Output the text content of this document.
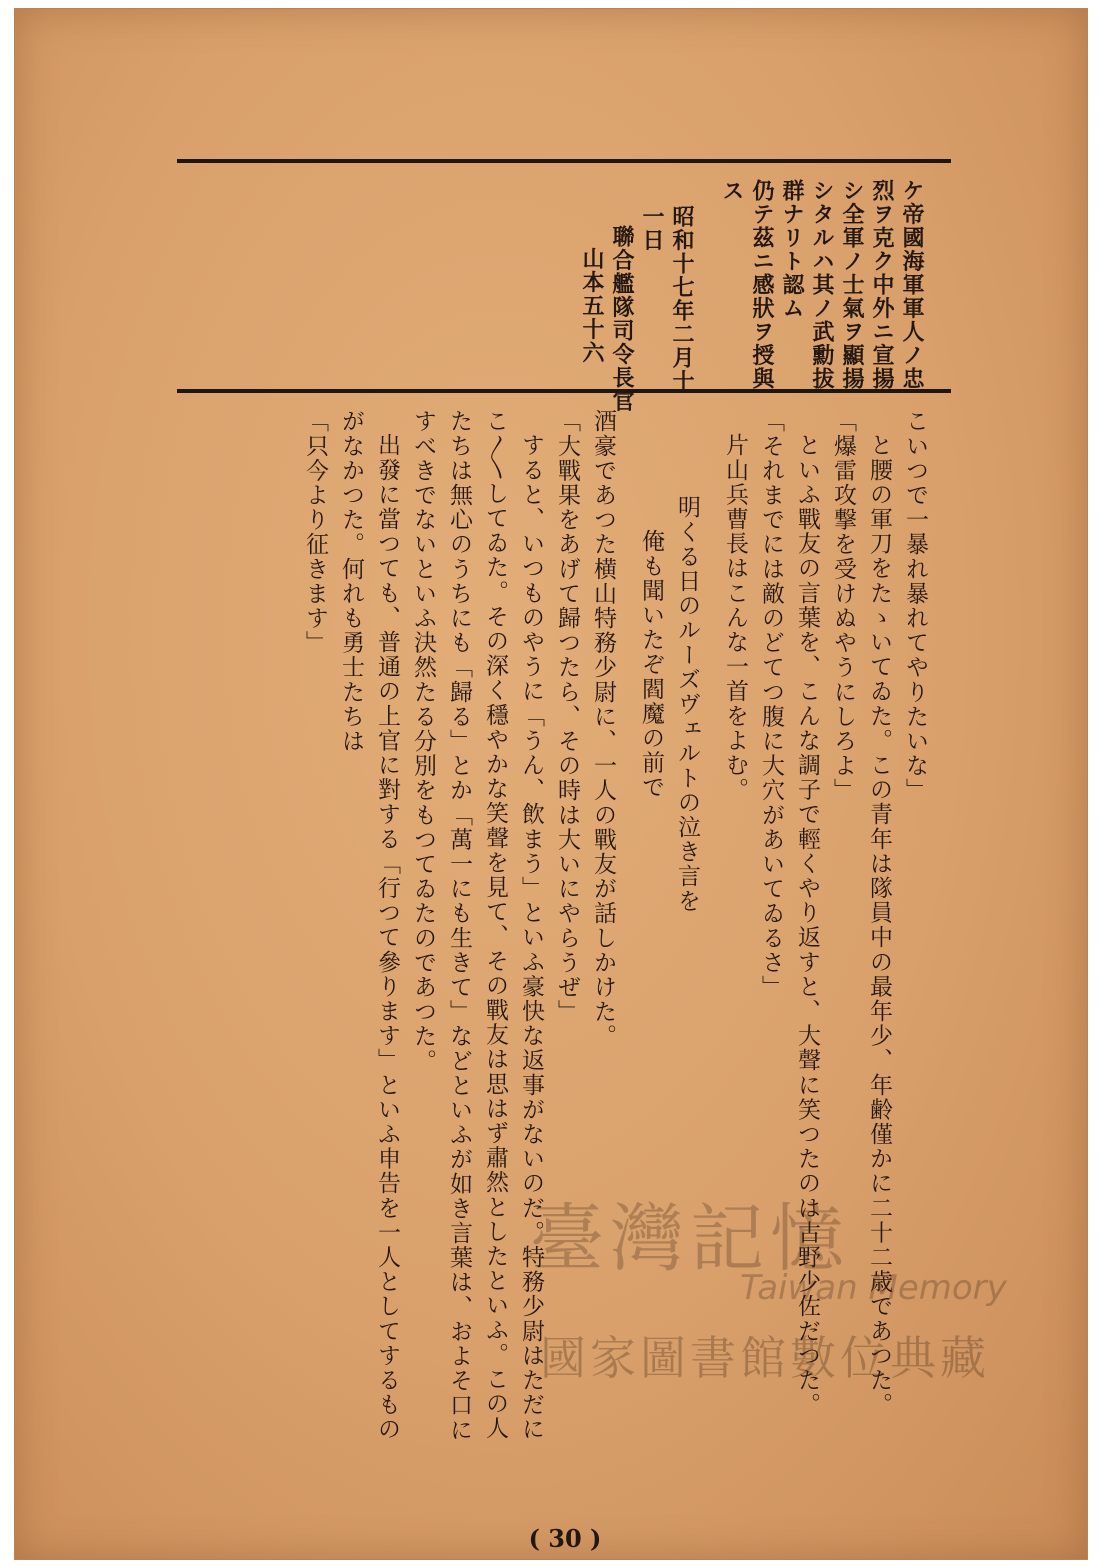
ケ帝國海軍軍人ノ忠
烈ヲ克ク中外ニ宣揚
シ全軍ノ士氣ヲ顯揚
シタルハ其ノ武勳拔
群ナリト認ム
仍テ茲ニ感狀ヲ授與
ス
昭和十七年二月十
一日
聯合艦隊司令長官
山本五十六
こいつで一暴れ暴れてやりたいな」
と腰の軍刀をたゝいてゐた。この青年は隊員中の最年少、年齢僅かに二十二歳であつた。
「爆雷攻撃を受けぬやうにしろよ」
といふ戰友の言葉を、こんな調子で輕くやり返すと、大聲に笑つたのは古野少佐だつた。
「それまでには敵のどてつ腹に大穴があいてゐるさ」
片山兵曹長はこんな一首をよむ。
明くる日のルーズヴェルトの泣き言を
俺も聞いたぞ閻魔の前で
酒豪であつた横山特務少尉に、一人の戰友が話しかけた。
「大戰果をあげて歸つたら、その時は大いにやらうぜ」
すると、いつものやうに「うん、飲まう」といふ豪快な返事がないのだ。特務少尉はただに
こ〳〵してゐた。その深く穩やかな笑聲を見て、その戰友は思はず肅然としたといふ。この人
たちは無心のうちにも「歸る」とか「萬一にも生きて」などといふが如き言葉は、およそ口に
すべきでないといふ決然たる分別をもつてゐたのであつた。
出發に當つても、普通の上官に對する「行つて參ります」といふ申告を一人としてするもの
がなかつた。何れも勇士たちは
「只今より征きます」
( 30 )
臺灣記憶
Taiwan Memory
國家圖書館數位典藏
